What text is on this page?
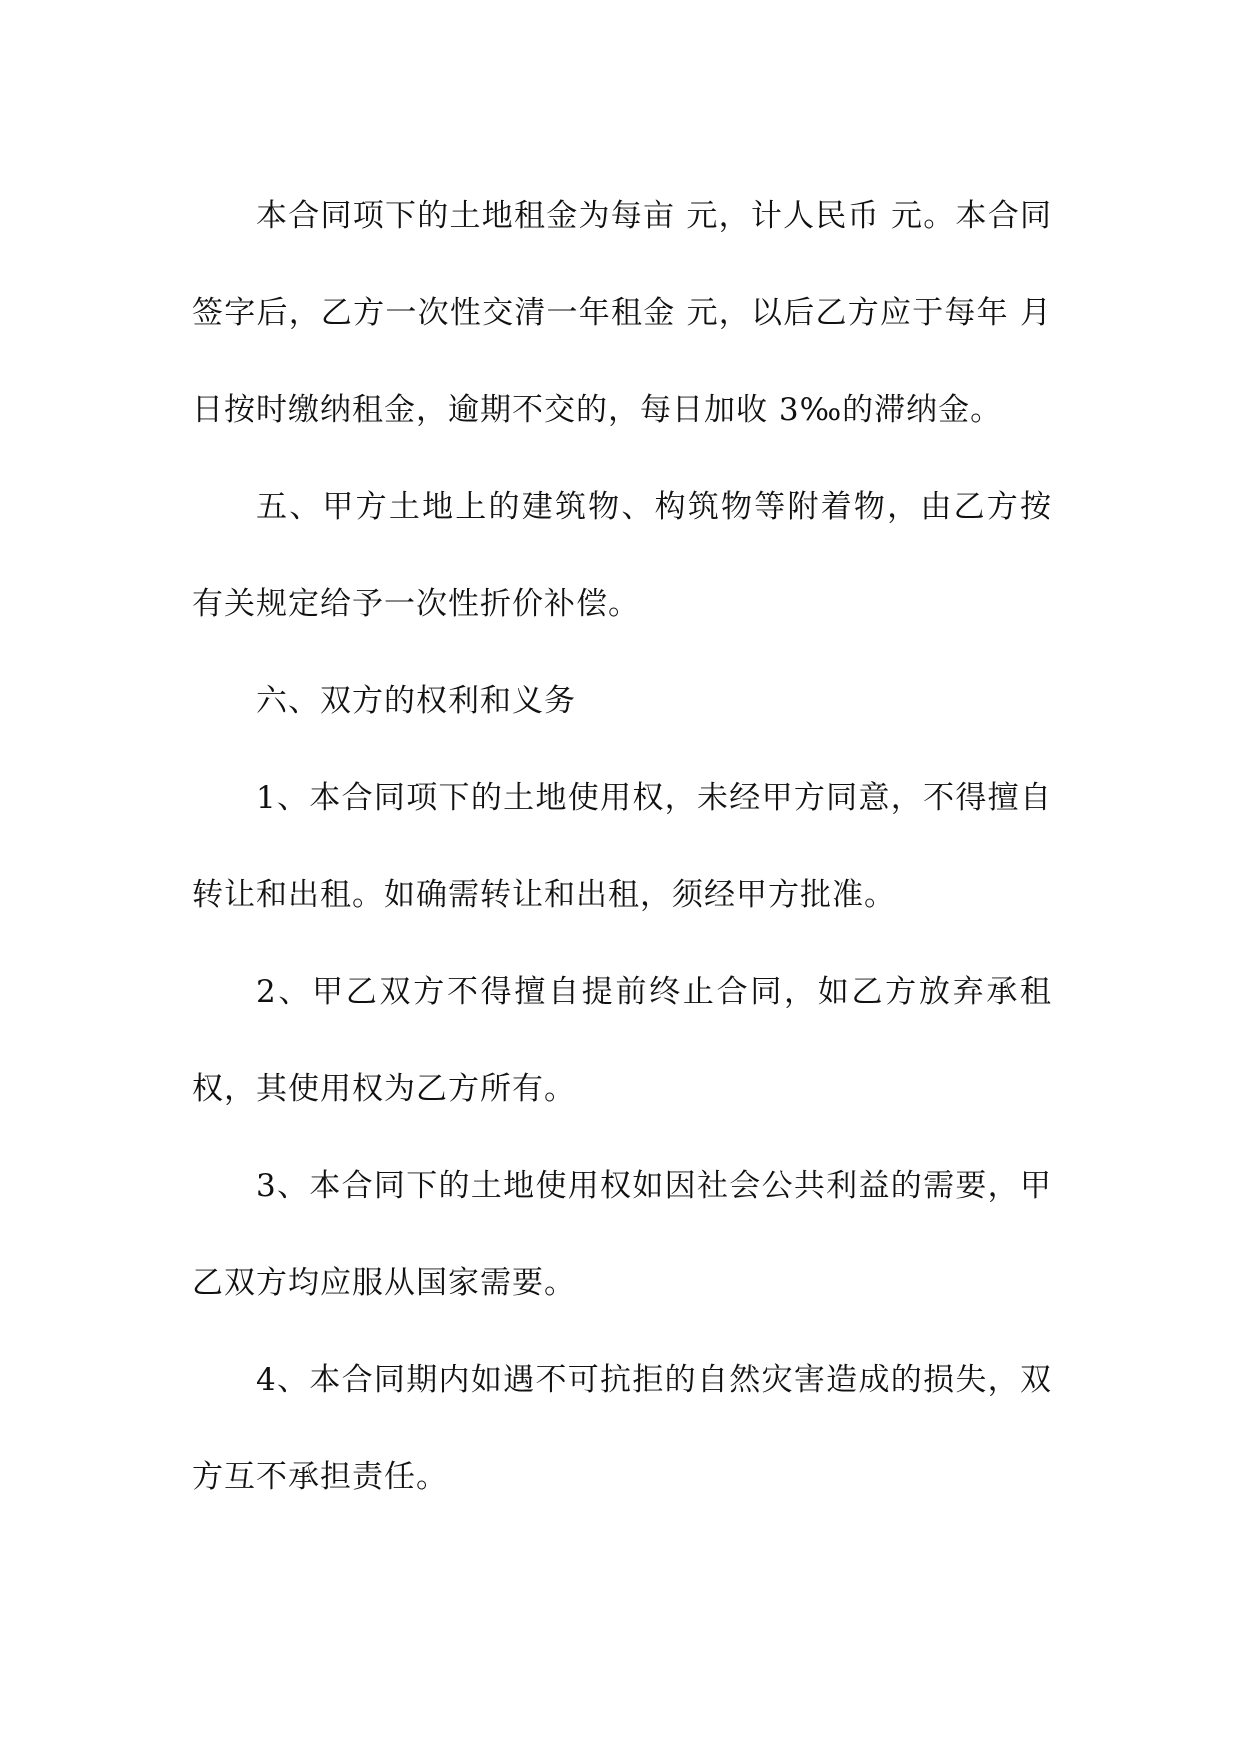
本合同项下的土地租金为每亩 元，计人民币 元。本合同签字后，乙方一次性交清一年租金 元，以后乙方应于每年 月 日按时缴纳租金，逾期不交的，每日加收 3‰的滞纳金。

五、甲方土地上的建筑物、构筑物等附着物，由乙方按有关规定给予一次性折价补偿。

六、双方的权利和义务

1、本合同项下的土地使用权，未经甲方同意，不得擅自转让和出租。如确需转让和出租，须经甲方批准。

2、甲乙双方不得擅自提前终止合同，如乙方放弃承租权，其使用权为乙方所有。

3、本合同下的土地使用权如因社会公共利益的需要，甲乙双方均应服从国家需要。

4、本合同期内如遇不可抗拒的自然灾害造成的损失，双方互不承担责任。
